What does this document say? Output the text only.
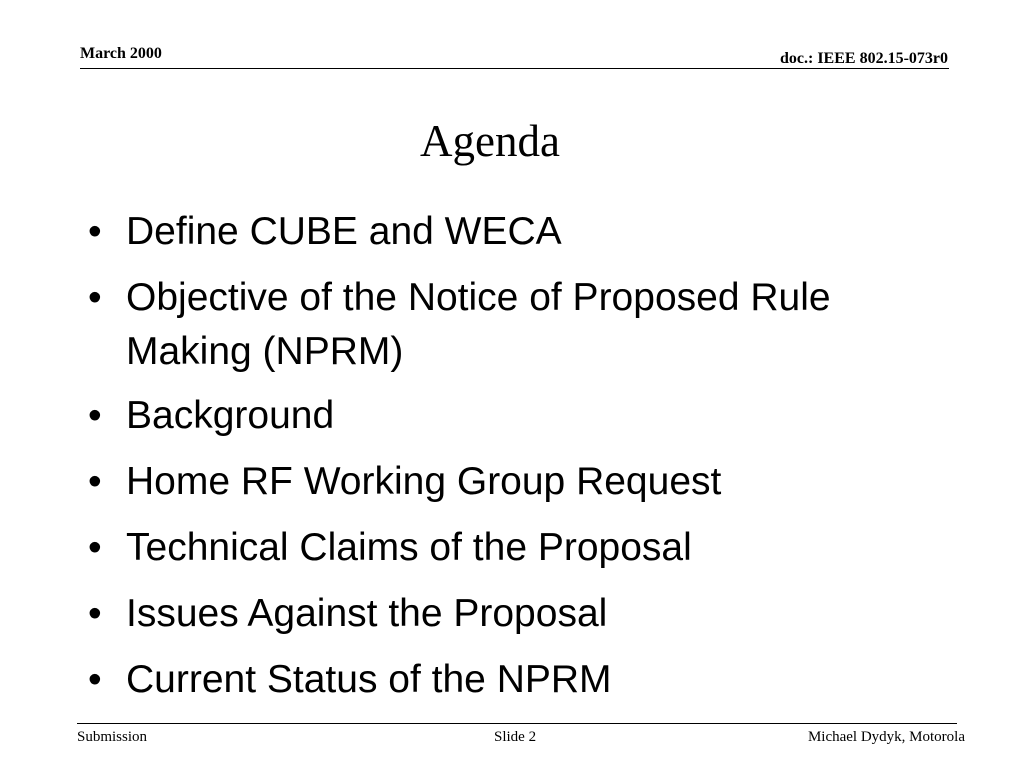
March 2000	doc.: IEEE 802.15-073r0
Agenda
• Define CUBE and WECA
• Objective of the Notice of Proposed Rule Making (NPRM)
• Background
• Home RF Working Group Request
• Technical Claims of the Proposal
• Issues Against the Proposal
• Current Status of the NPRM
Submission	Slide 2	Michael Dydyk, Motorola
